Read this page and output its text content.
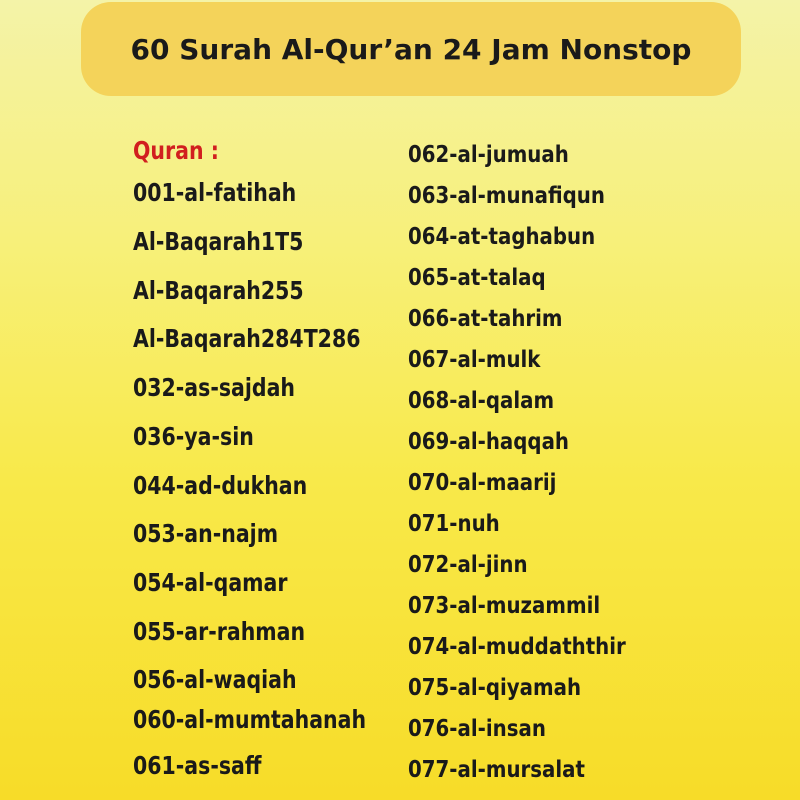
60 Surah Al-Qur’an 24 Jam Nonstop
Quran :
001-al-fatihah
Al-Baqarah1T5
Al-Baqarah255
Al-Baqarah284T286
032-as-sajdah
036-ya-sin
044-ad-dukhan
053-an-najm
054-al-qamar
055-ar-rahman
056-al-waqiah
060-al-mumtahanah
061-as-saff
062-al-jumuah
063-al-munafiqun
064-at-taghabun
065-at-talaq
066-at-tahrim
067-al-mulk
068-al-qalam
069-al-haqqah
070-al-maarij
071-nuh
072-al-jinn
073-al-muzammil
074-al-muddaththir
075-al-qiyamah
076-al-insan
077-al-mursalat
